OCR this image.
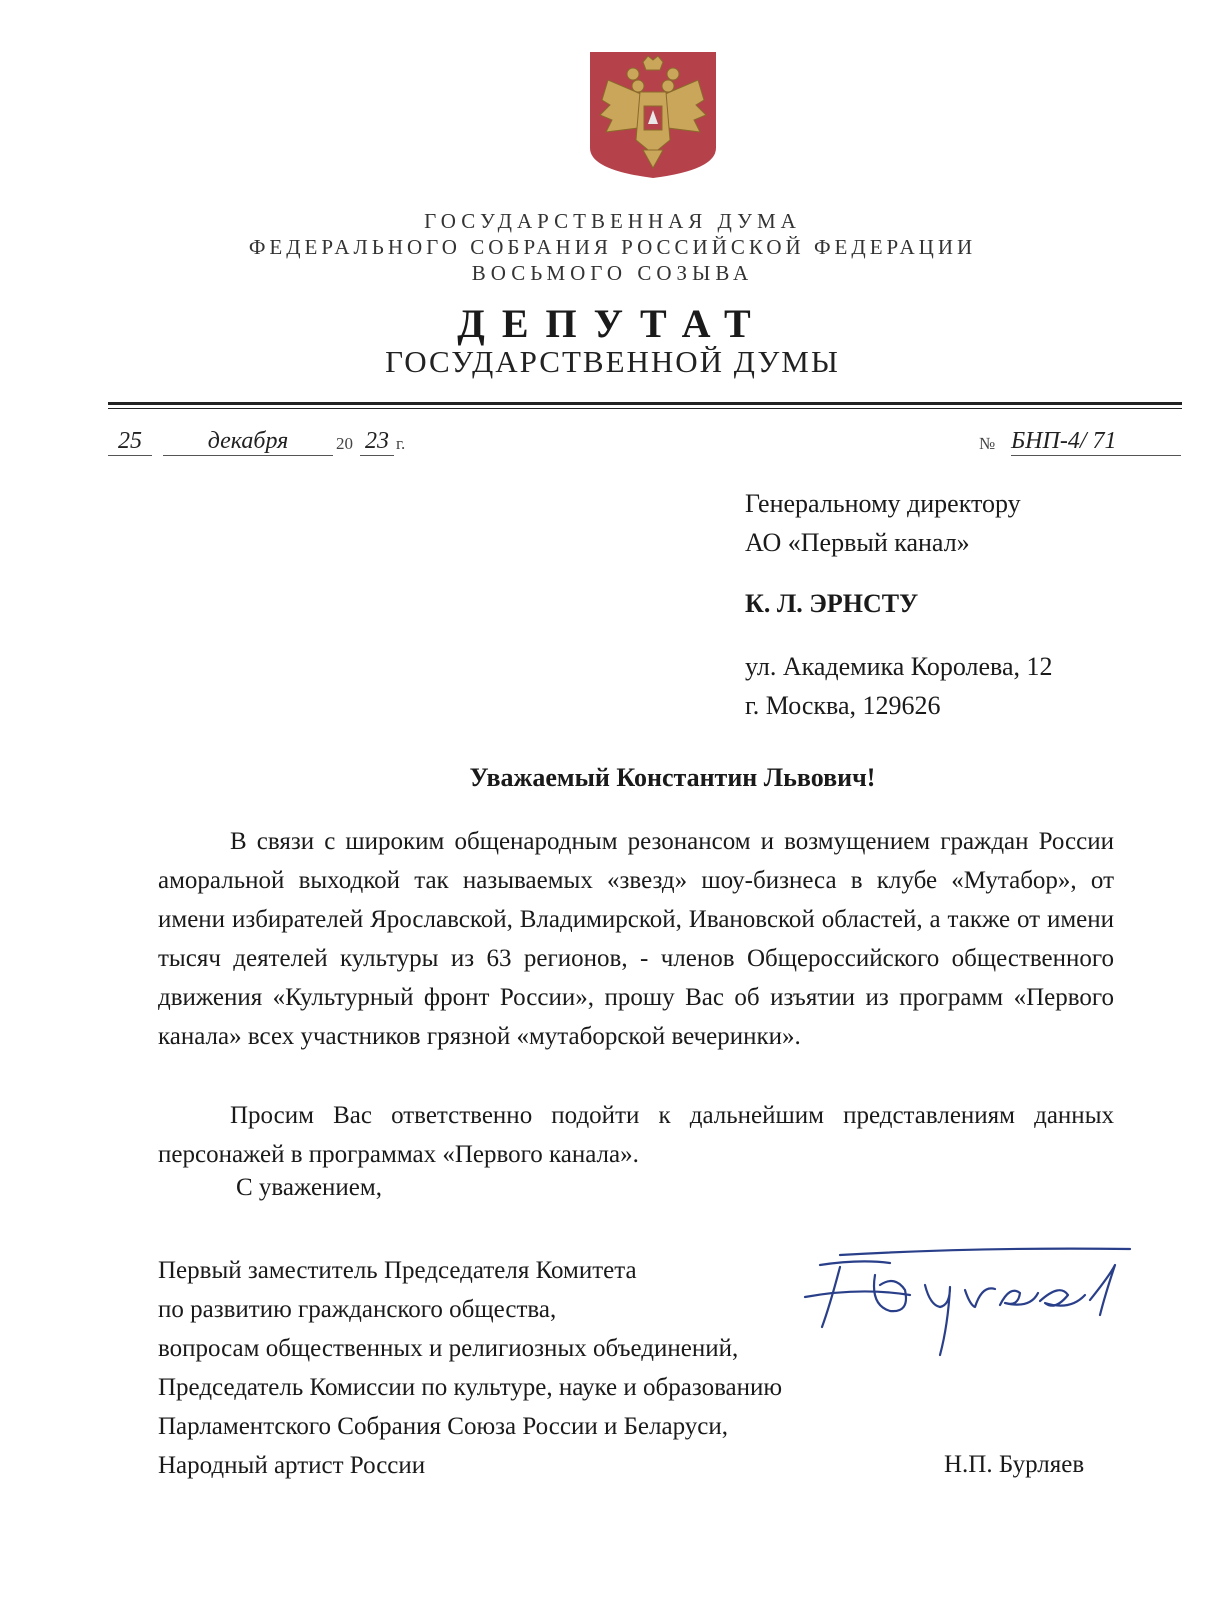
ГОСУДАРСТВЕННАЯ ДУМА
ФЕДЕРАЛЬНОГО СОБРАНИЯ РОССИЙСКОЙ ФЕДЕРАЦИИ
ВОСЬМОГО СОЗЫВА
ДЕПУТАТ
ГОСУДАРСТВЕННОЙ ДУМЫ
25	декабря	20 23 г.	№ БНП-4/ 71
Генеральному директору
АО «Первый канал»
К. Л. ЭРНСТУ
ул. Академика Королева, 12
г. Москва, 129626
Уважаемый Константин Львович!

В связи с широким общенародным резонансом и возмущением граждан России аморальной выходкой так называемых «звезд» шоу-бизнеса в клубе «Мутабор», от имени избирателей Ярославской, Владимирской, Ивановской областей, а также от имени тысяч деятелей культуры из 63 регионов, - членов Общероссийского общественного движения «Культурный фронт России», прошу Вас об изъятии из программ «Первого канала» всех участников грязной «мутаборской вечеринки».

Просим Вас ответственно подойти к дальнейшим представлениям данных персонажей в программах «Первого канала».

С уважением,
Первый заместитель Председателя Комитета
по развитию гражданского общества,
вопросам общественных и религиозных объединений,
Председатель Комиссии по культуре, науке и образованию
Парламентского Собрания Союза России и Беларуси,
Народный артист России	Н.П. Бурляев
